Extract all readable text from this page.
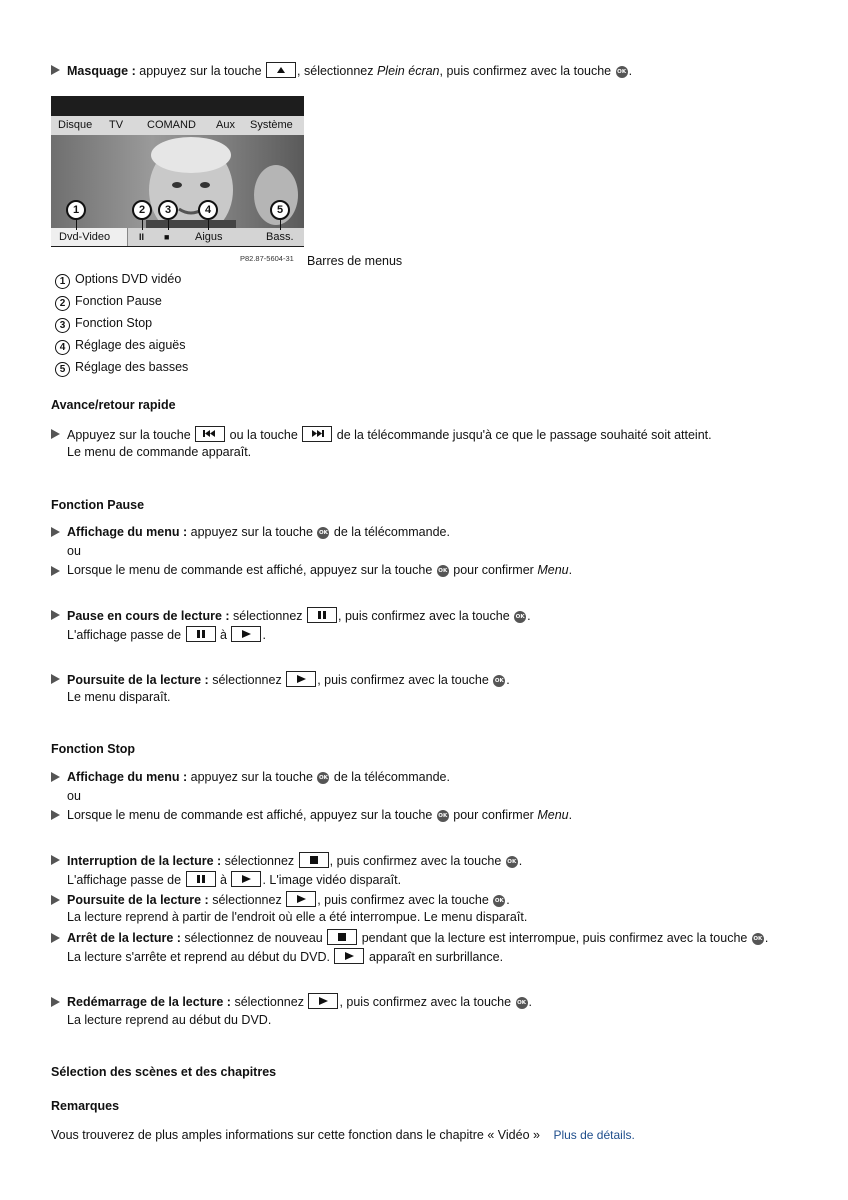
Masquage : appuyez sur la touche	, sélectionnez Plein écran, puis confirmez avec la touche OK .
Disque TV COMAND Aux Système
Dvd-Video	II ■ Aigus	Bass.
1	2	3	4	5
P82.87-5604-31 Barres de menus
1 Options DVD vidéo
2 Fonction Pause
3 Fonction Stop
4 Réglage des aiguës
5 Réglage des basses
Avance/retour rapide
Appuyez sur la touche	ou la touche	de la télécommande jusqu'à ce que le passage souhaité soit atteint.
Le menu de commande apparaît.
Fonction Pause
Affichage du menu : appuyez sur la touche OK de la télécommande.
ou
Lorsque le menu de commande est affiché, appuyez sur la touche OK pour confirmer Menu.
Pause en cours de lecture : sélectionnez	, puis confirmez avec la touche OK .
L'affichage passe de	à	.
Poursuite de la lecture : sélectionnez	, puis confirmez avec la touche OK .
Le menu disparaît.
Fonction Stop
Affichage du menu : appuyez sur la touche OK de la télécommande.
ou
Lorsque le menu de commande est affiché, appuyez sur la touche OK pour confirmer Menu.
Interruption de la lecture : sélectionnez	, puis confirmez avec la touche OK .
L'affichage passe de	à	. L'image vidéo disparaît.
Poursuite de la lecture : sélectionnez	, puis confirmez avec la touche OK .
La lecture reprend à partir de l'endroit où elle a été interrompue. Le menu disparaît.
Arrêt de la lecture : sélectionnez de nouveau	pendant que la lecture est interrompue, puis confirmez avec la touche OK .
La lecture s'arrête et reprend au début du DVD.	apparaît en surbrillance.
Redémarrage de la lecture : sélectionnez	, puis confirmez avec la touche OK .
La lecture reprend au début du DVD.
Sélection des scènes et des chapitres
Remarques
Vous trouverez de plus amples informations sur cette fonction dans le chapitre « Vidéo » Plus de détails.
